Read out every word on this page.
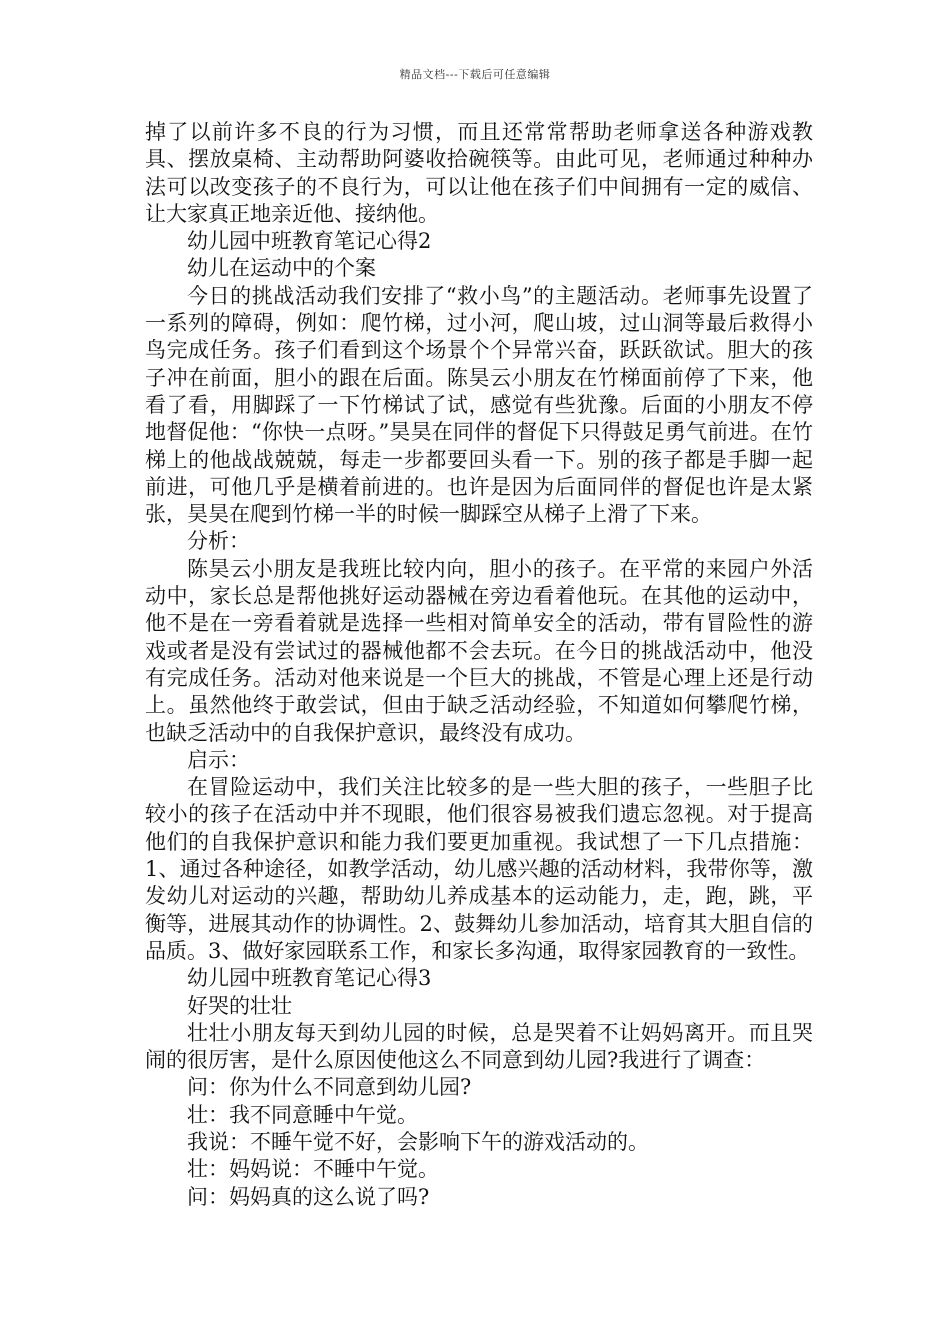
精品文档---下载后可任意编辑

掉了以前许多不良的行为习惯，而且还常常帮助老师拿送各种游戏教具、摆放桌椅、主动帮助阿婆收拾碗筷等。由此可见，老师通过种种办法可以改变孩子的不良行为，可以让他在孩子们中间拥有一定的威信、让大家真正地亲近他、接纳他。

幼儿园中班教育笔记心得2

幼儿在运动中的个案

今日的挑战活动我们安排了“救小鸟”的主题活动。老师事先设置了一系列的障碍，例如：爬竹梯，过小河，爬山坡，过山洞等最后救得小鸟完成任务。孩子们看到这个场景个个异常兴奋，跃跃欲试。胆大的孩子冲在前面，胆小的跟在后面。陈昊云小朋友在竹梯面前停了下来，他看了看，用脚踩了一下竹梯试了试，感觉有些犹豫。后面的小朋友不停地督促他：“你快一点呀。”昊昊在同伴的督促下只得鼓足勇气前进。在竹梯上的他战战兢兢，每走一步都要回头看一下。别的孩子都是手脚一起前进，可他几乎是横着前进的。也许是因为后面同伴的督促也许是太紧张，昊昊在爬到竹梯一半的时候一脚踩空从梯子上滑了下来。

分析：

陈昊云小朋友是我班比较内向，胆小的孩子。在平常的来园户外活动中，家长总是帮他挑好运动器械在旁边看着他玩。在其他的运动中，他不是在一旁看着就是选择一些相对简单安全的活动，带有冒险性的游戏或者是没有尝试过的器械他都不会去玩。在今日的挑战活动中，他没有完成任务。活动对他来说是一个巨大的挑战，不管是心理上还是行动上。虽然他终于敢尝试，但由于缺乏活动经验，不知道如何攀爬竹梯，也缺乏活动中的自我保护意识，最终没有成功。

启示：

在冒险运动中，我们关注比较多的是一些大胆的孩子，一些胆子比较小的孩子在活动中并不现眼，他们很容易被我们遗忘忽视。对于提高他们的自我保护意识和能力我们要更加重视。我试想了一下几点措施：1、通过各种途径，如教学活动，幼儿感兴趣的活动材料，我带你等，激发幼儿对运动的兴趣，帮助幼儿养成基本的运动能力，走，跑，跳，平衡等，进展其动作的协调性。2、鼓舞幼儿参加活动，培育其大胆自信的品质。3、做好家园联系工作，和家长多沟通，取得家园教育的一致性。

幼儿园中班教育笔记心得3

好哭的壮壮

壮壮小朋友每天到幼儿园的时候，总是哭着不让妈妈离开。而且哭闹的很厉害，是什么原因使他这么不同意到幼儿园?我进行了调查：

问：你为什么不同意到幼儿园?

壮：我不同意睡中午觉。

我说：不睡午觉不好，会影响下午的游戏活动的。

壮：妈妈说：不睡中午觉。

问：妈妈真的这么说了吗?
